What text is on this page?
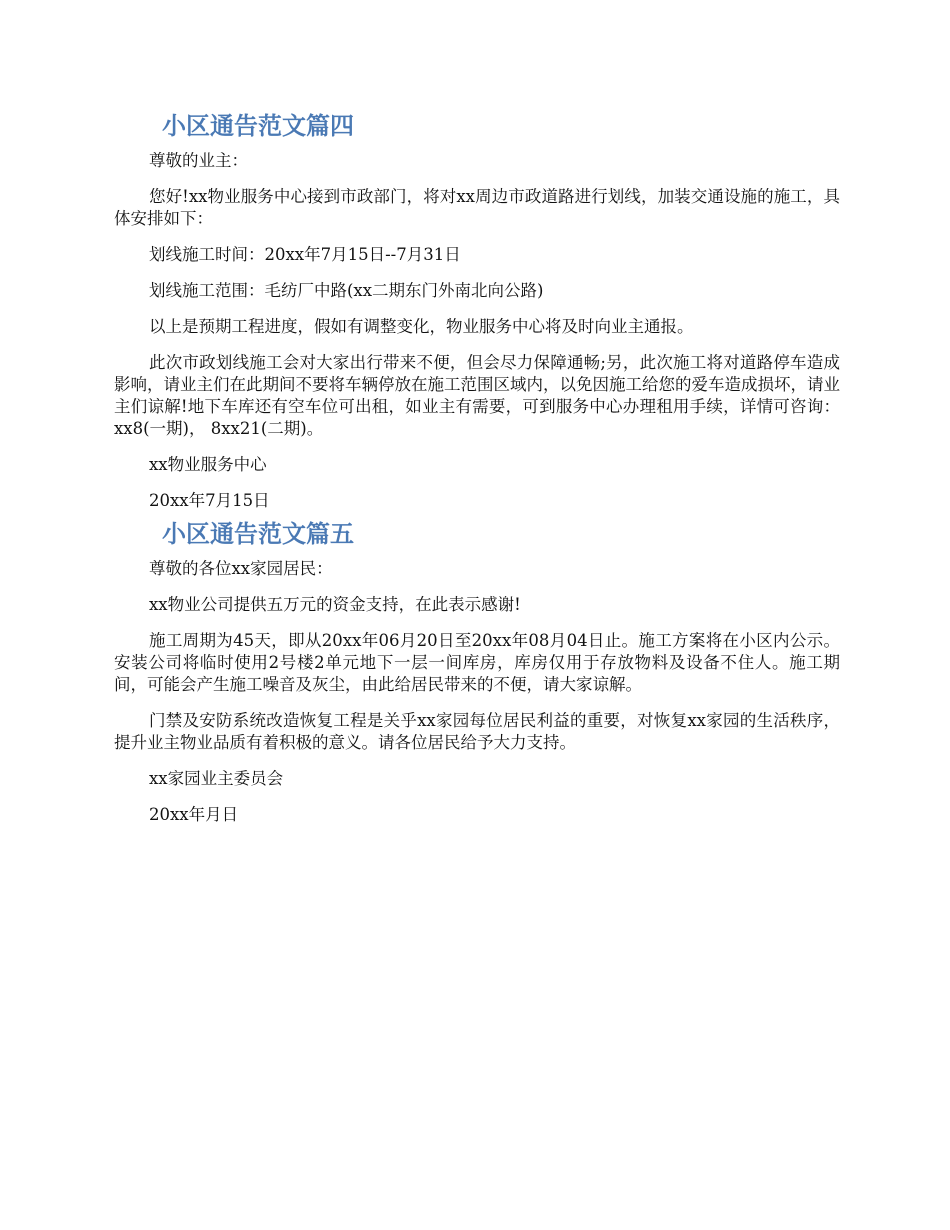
小区通告范文篇四

尊敬的业主：

您好!xx物业服务中心接到市政部门，将对xx周边市政道路进行划线，加装交通设施的施工，具体安排如下：

划线施工时间：20xx年7月15日--7月31日

划线施工范围：毛纺厂中路(xx二期东门外南北向公路)

以上是预期工程进度，假如有调整变化，物业服务中心将及时向业主通报。

此次市政划线施工会对大家出行带来不便，但会尽力保障通畅;另，此次施工将对道路停车造成影响，请业主们在此期间不要将车辆停放在施工范围区域内，以免因施工给您的爱车造成损坏，请业主们谅解!地下车库还有空车位可出租，如业主有需要，可到服务中心办理租用手续，详情可咨询：xx8(一期)， 8xx21(二期)。

xx物业服务中心

20xx年7月15日

小区通告范文篇五

尊敬的各位xx家园居民：

xx物业公司提供五万元的资金支持，在此表示感谢!

施工周期为45天，即从20xx年06月20日至20xx年08月04日止。施工方案将在小区内公示。安装公司将临时使用2号楼2单元地下一层一间库房，库房仅用于存放物料及设备不住人。施工期间，可能会产生施工噪音及灰尘，由此给居民带来的不便，请大家谅解。

门禁及安防系统改造恢复工程是关乎xx家园每位居民利益的重要，对恢复xx家园的生活秩序，提升业主物业品质有着积极的意义。请各位居民给予大力支持。

xx家园业主委员会

20xx年月日
